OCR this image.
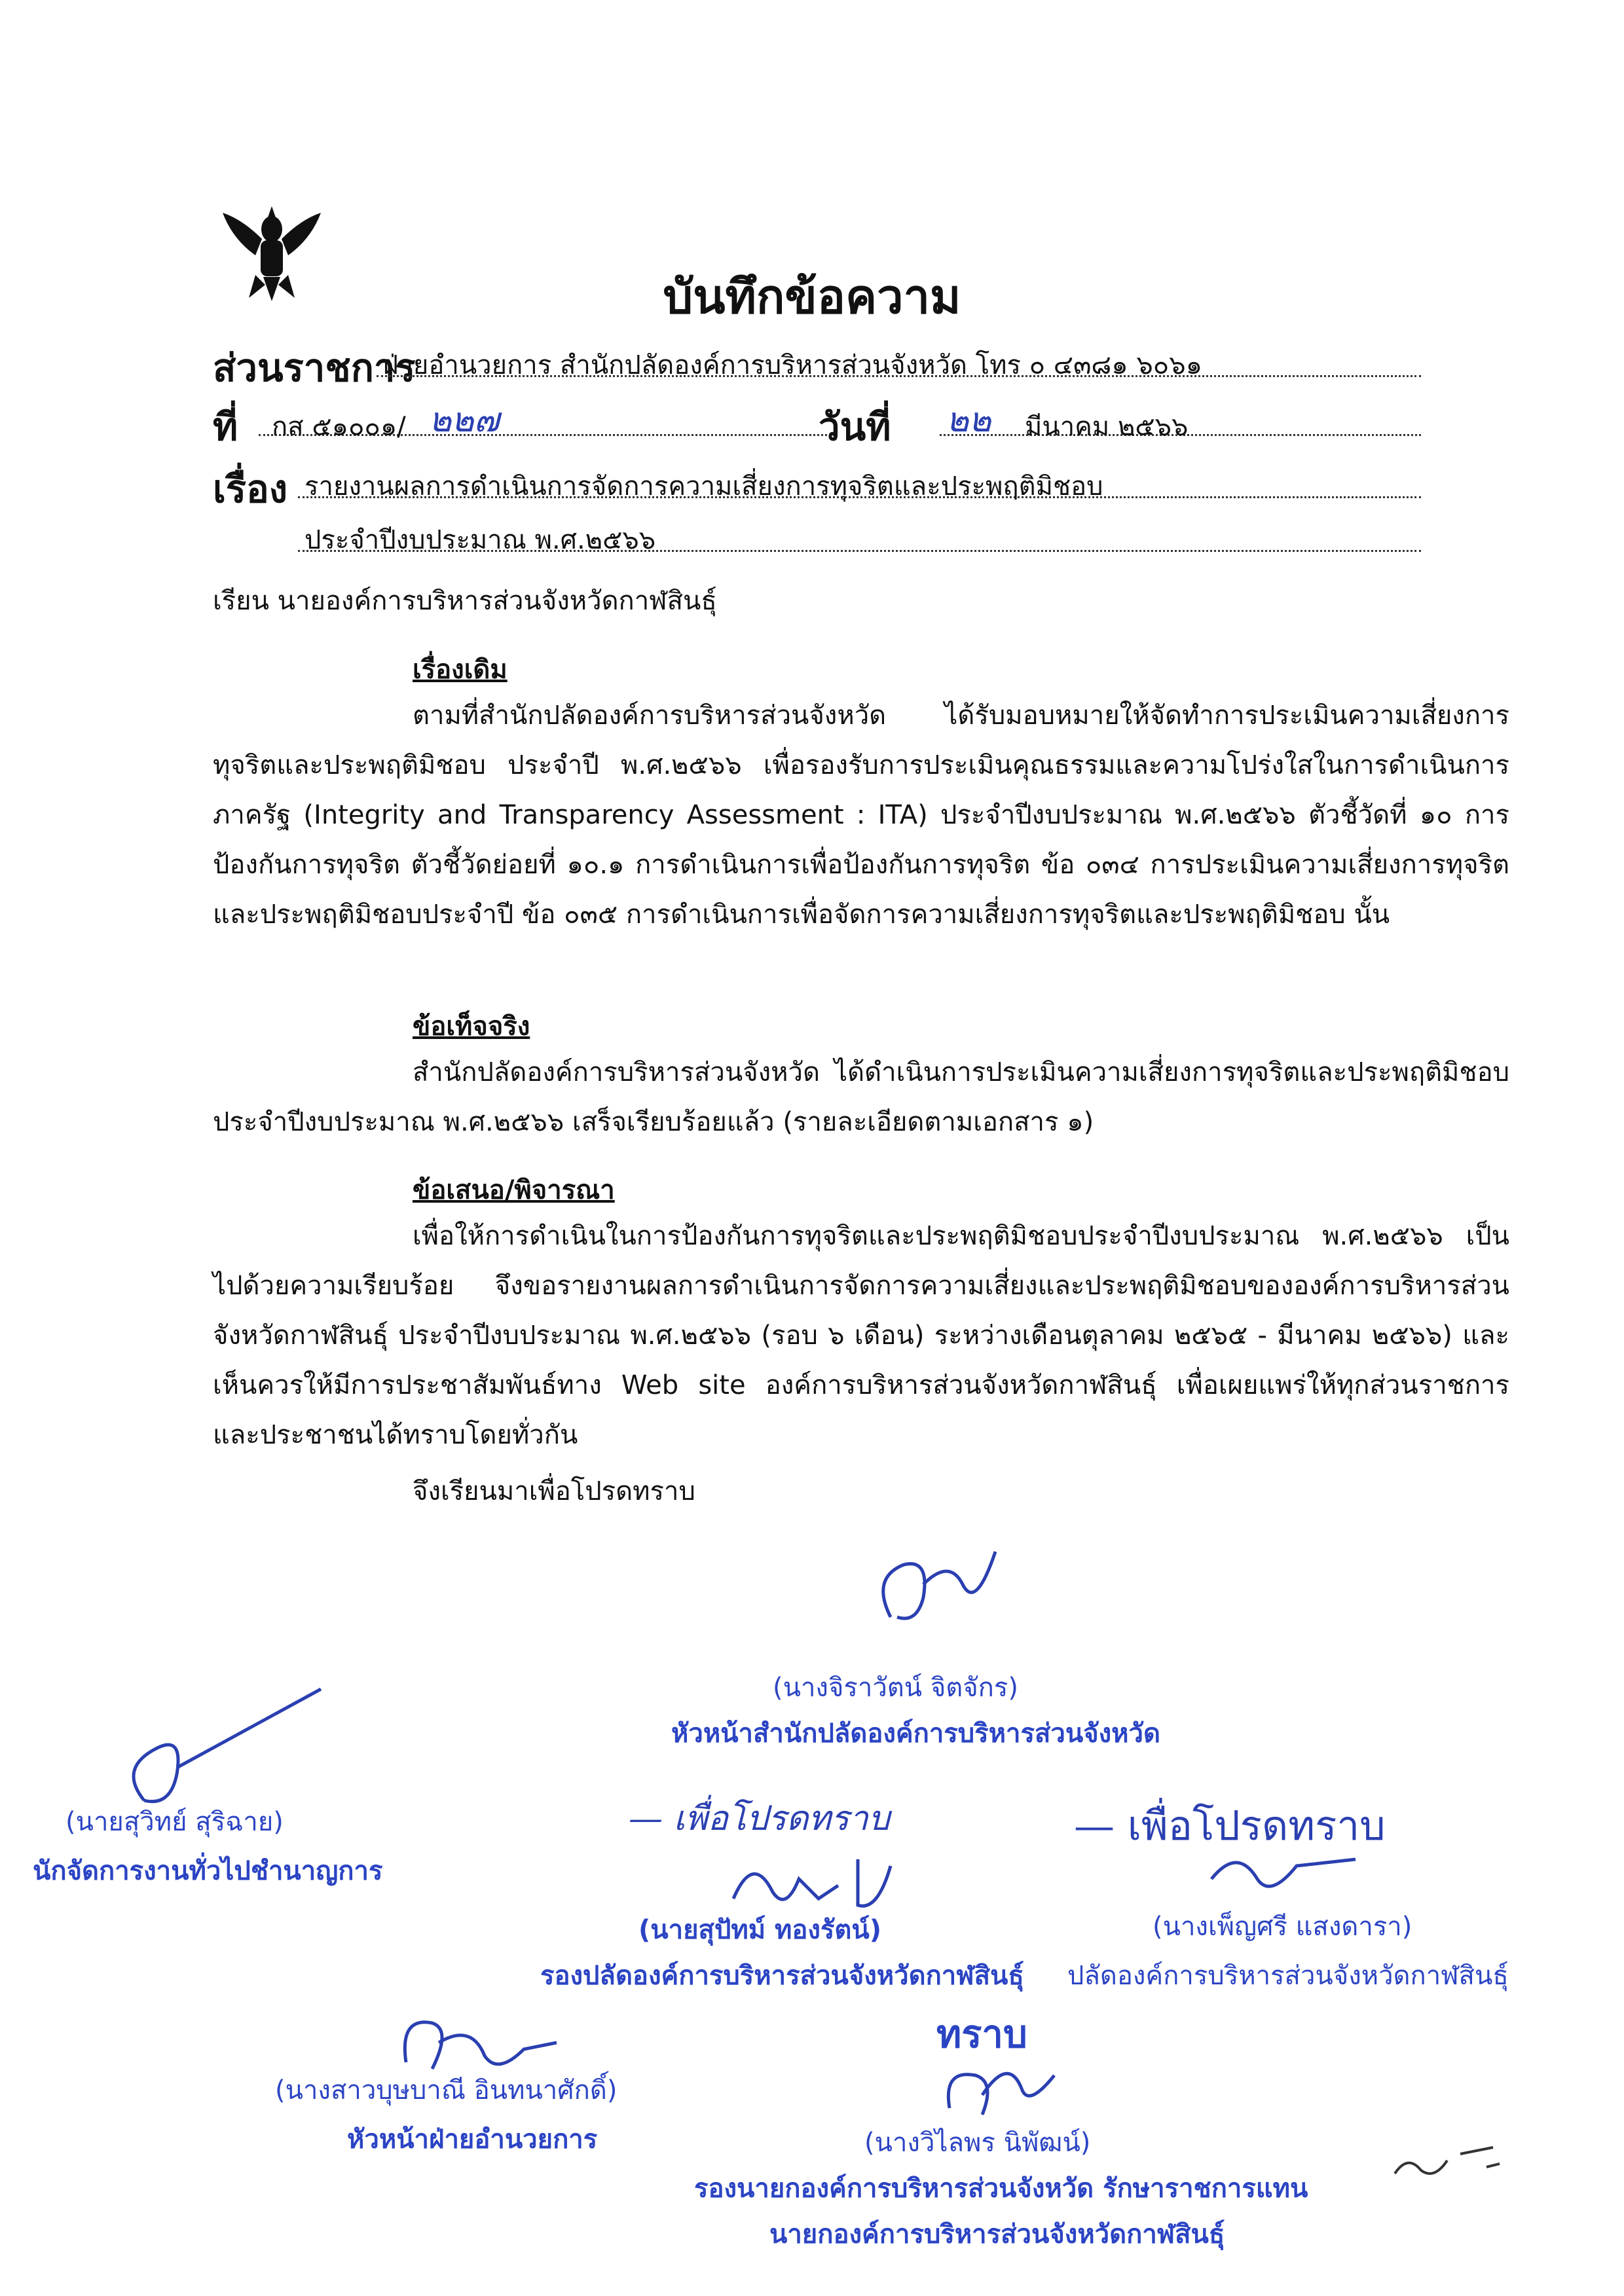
บันทึกข้อความ
ส่วนราชการ
ฝ่ายอำนวยการ สำนักปลัดองค์การบริหารส่วนจังหวัด โทร ๐ ๔๓๘๑ ๖๐๖๑
ที่ กส ๕๑๐๐๑/ ๒๒๗	วันที่ ๒๒ มีนาคม ๒๕๖๖
เรื่อง รายงานผลการดำเนินการจัดการความเสี่ยงการทุจริตและประพฤติมิชอบ
ประจำปีงบประมาณ พ.ศ.๒๕๖๖
เรียน นายองค์การบริหารส่วนจังหวัดกาฬสินธุ์
เรื่องเดิม
ตามที่สำนักปลัดองค์การบริหารส่วนจังหวัด ได้รับมอบหมายให้จัดทำการประเมินความเสี่ยงการทุจริตและประพฤติมิชอบ ประจำปี พ.ศ.๒๕๖๖ เพื่อรองรับการประเมินคุณธรรมและความโปร่งใสในการดำเนินการภาครัฐ (Integrity and Transparency Assessment : ITA) ประจำปีงบประมาณ พ.ศ.๒๕๖๖ ตัวชี้วัดที่ ๑๐ การป้องกันการทุจริต ตัวชี้วัดย่อยที่ ๑๐.๑ การดำเนินการเพื่อป้องกันการทุจริต ข้อ ๐๓๔ การประเมินความเสี่ยงการทุจริตและประพฤติมิชอบประจำปี ข้อ ๐๓๕ การดำเนินการเพื่อจัดการความเสี่ยงการทุจริตและประพฤติมิชอบ นั้น
ข้อเท็จจริง
สำนักปลัดองค์การบริหารส่วนจังหวัด ได้ดำเนินการประเมินความเสี่ยงการทุจริตและประพฤติมิชอบประจำปีงบประมาณ พ.ศ.๒๕๖๖ เสร็จเรียบร้อยแล้ว (รายละเอียดตามเอกสาร ๑)
ข้อเสนอ/พิจารณา
เพื่อให้การดำเนินในการป้องกันการทุจริตและประพฤติมิชอบประจำปีงบประมาณ พ.ศ.๒๕๖๖ เป็นไปด้วยความเรียบร้อย จึงขอรายงานผลการดำเนินการจัดการความเสี่ยงและประพฤติมิชอบขององค์การบริหารส่วนจังหวัดกาฬสินธุ์ ประจำปีงบประมาณ พ.ศ.๒๕๖๖ (รอบ ๖ เดือน) ระหว่างเดือนตุลาคม ๒๕๖๕ - มีนาคม ๒๕๖๖) และเห็นควรให้มีการประชาสัมพันธ์ทาง Web site องค์การบริหารส่วนจังหวัดกาฬสินธุ์ เพื่อเผยแพร่ให้ทุกส่วนราชการและประชาชนได้ทราบโดยทั่วกัน
จึงเรียนมาเพื่อโปรดทราบ
(นางจิราวัตน์ จิตจักร)
หัวหน้าสำนักปลัดองค์การบริหารส่วนจังหวัด
(นายสุวิทย์ สุริฉาย)
นักจัดการงานทั่วไปชำนาญการ
— เพื่อโปรดทราบ	— เพื่อโปรดทราบ
(นายสุปัทม์ ทองรัตน์)
รองปลัดองค์การบริหารส่วนจังหวัดกาฬสินธุ์
(นางเพ็ญศรี แสงดารา)
ปลัดองค์การบริหารส่วนจังหวัดกาฬสินธุ์
ทราบ
(นางสาวบุษบาณี อินทนาศักดิ์)
หัวหน้าฝ่ายอำนวยการ	(นางวิไลพร นิพัฒน์)
รองนายกองค์การบริหารส่วนจังหวัด รักษาราชการแทน
นายกองค์การบริหารส่วนจังหวัดกาฬสินธุ์
